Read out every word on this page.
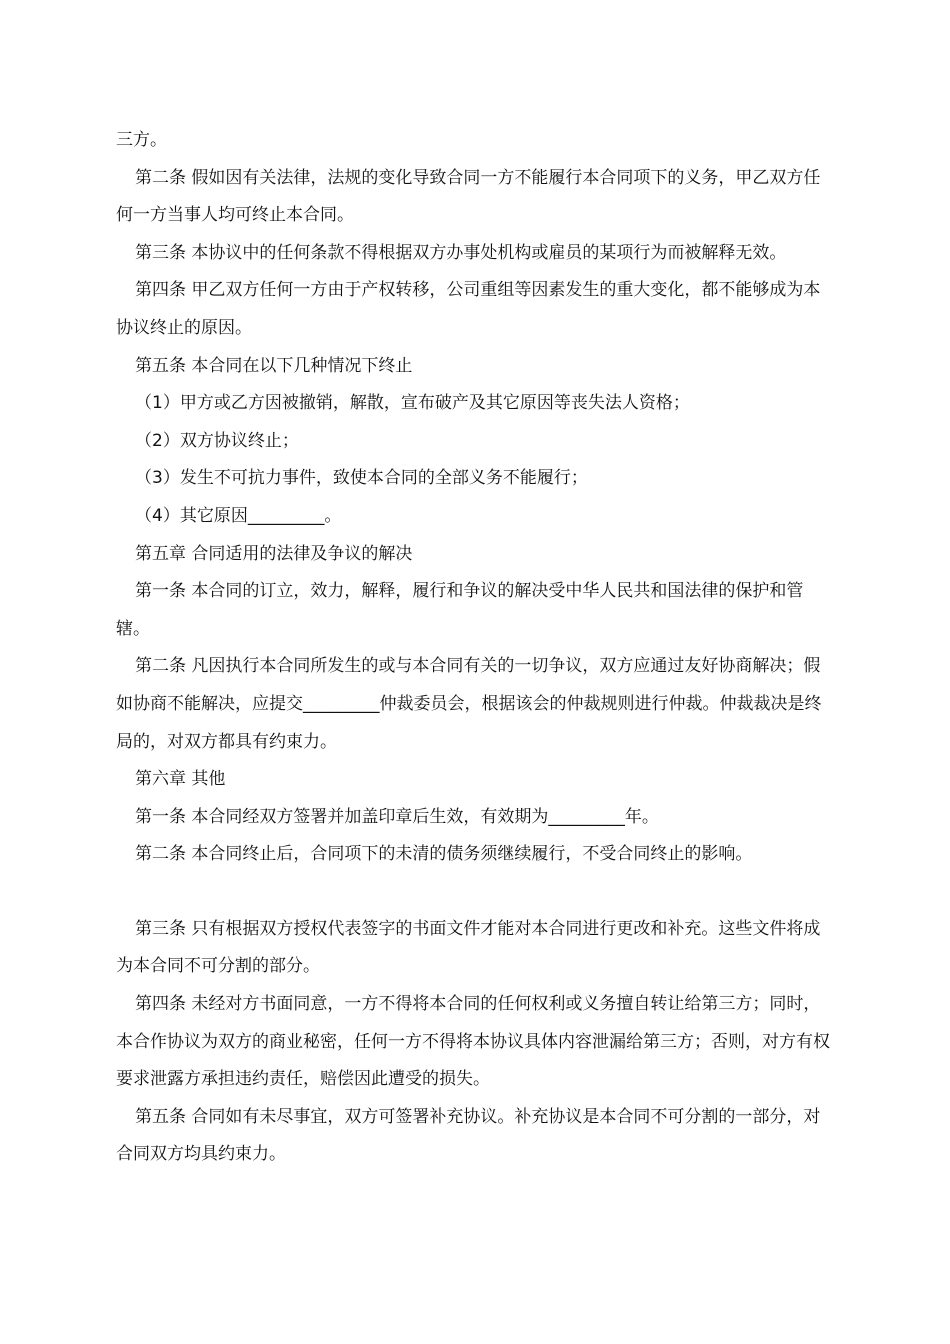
三方。

第二条 假如因有关法律，法规的变化导致合同一方不能履行本合同项下的义务，甲乙双方任何一方当事人均可终止本合同。

第三条 本协议中的任何条款不得根据双方办事处机构或雇员的某项行为而被解释无效。

第四条 甲乙双方任何一方由于产权转移，公司重组等因素发生的重大变化，都不能够成为本协议终止的原因。

第五条 本合同在以下几种情况下终止

（1）甲方或乙方因被撤销，解散，宣布破产及其它原因等丧失法人资格；

（2）双方协议终止；

（3）发生不可抗力事件，致使本合同的全部义务不能履行；

（4）其它原因_________。

第五章 合同适用的法律及争议的解决

第一条 本合同的订立，效力，解释，履行和争议的解决受中华人民共和国法律的保护和管辖。

第二条 凡因执行本合同所发生的或与本合同有关的一切争议，双方应通过友好协商解决；假如协商不能解决，应提交_________仲裁委员会，根据该会的仲裁规则进行仲裁。仲裁裁决是终局的，对双方都具有约束力。

第六章 其他

第一条 本合同经双方签署并加盖印章后生效，有效期为_________年。

第二条 本合同终止后，合同项下的未清的债务须继续履行，不受合同终止的影响。

第三条 只有根据双方授权代表签字的书面文件才能对本合同进行更改和补充。这些文件将成为本合同不可分割的部分。

第四条 未经对方书面同意，一方不得将本合同的任何权利或义务擅自转让给第三方；同时，本合作协议为双方的商业秘密，任何一方不得将本协议具体内容泄漏给第三方；否则，对方有权要求泄露方承担违约责任，赔偿因此遭受的损失。

第五条 合同如有未尽事宜，双方可签署补充协议。补充协议是本合同不可分割的一部分，对合同双方均具约束力。
